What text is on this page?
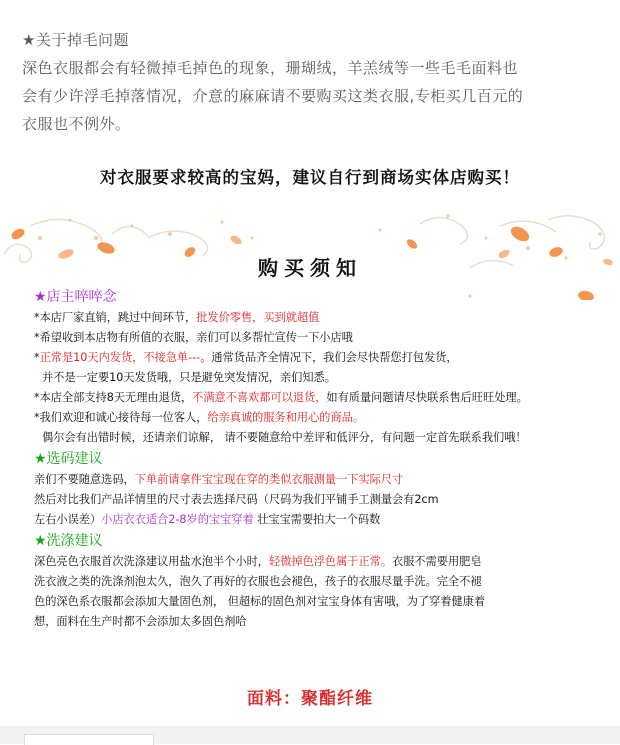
★关于掉毛问题
深色衣服都会有轻微掉毛掉色的现象，珊瑚绒，羊羔绒等一些毛毛面料也
会有少许浮毛掉落情况，介意的麻麻请不要购买这类衣服,专柜买几百元的
衣服也不例外。
对衣服要求较高的宝妈，建议自行到商场实体店购买！
购买须知
★店主啐啐念
*本店厂家直销，跳过中间环节，批发价零售，买到就超值
*希望收到本店物有所值的衣服，亲们可以多帮忙宣传一下小店哦
*正常是10天内发货，不接急单---。通常货品齐全情况下，我们会尽快帮您打包发货，
并不是一定要10天发货哦，只是避免突发情况，亲们知悉。
*本店全部支持8天无理由退货，不满意不喜欢都可以退货，如有质量问题请尽快联系售后旺旺处理。
*我们欢迎和诚心接待每一位客人，给亲真诚的服务和用心的商品。
偶尔会有出错时候，还请亲们谅解， 请不要随意给中差评和低评分，有问题一定首先联系我们哦！
★选码建议
亲们不要随意选码，下单前请拿件宝宝现在穿的类似衣服测量一下实际尺寸
然后对比我们产品详情里的尺寸表去选择尺码（尺码为我们平铺手工测量会有2cm
左右小误差）小店衣衣适合2-8岁的宝宝穿着 壮宝宝需要拍大一个码数
★洗涤建议
深色亮色衣服首次洗涤建议用盐水泡半个小时，轻微掉色浮色属于正常。衣服不需要用肥皂
洗衣液之类的洗涤剂泡太久，泡久了再好的衣服也会褪色，孩子的衣服尽量手洗。完全不褪
色的深色系衣服都会添加大量固色剂， 但超标的固色剂对宝宝身体有害哦，为了穿着健康着
想，面料在生产时都不会添加太多固色剂哈
面料：聚酯纤维
